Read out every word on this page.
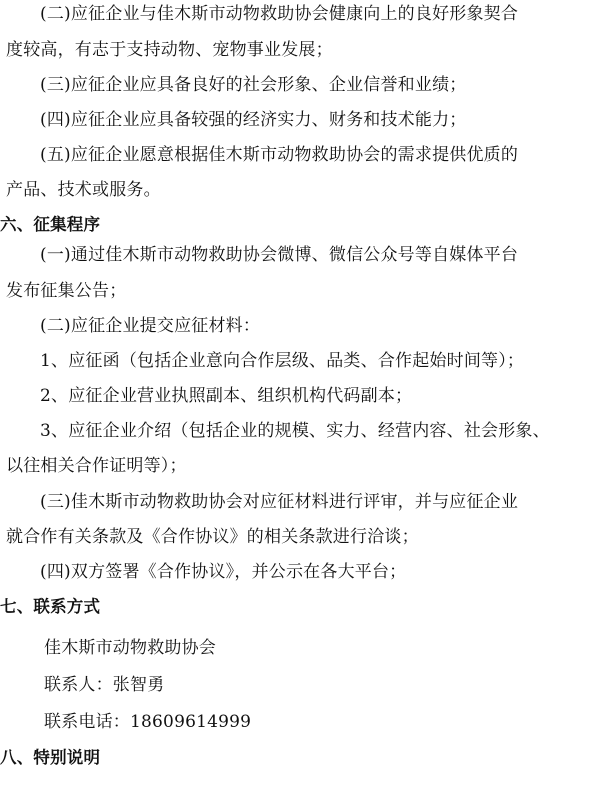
(二)应征企业与佳木斯市动物救助协会健康向上的良好形象契合
度较高，有志于支持动物、宠物事业发展；
(三)应征企业应具备良好的社会形象、企业信誉和业绩；
(四)应征企业应具备较强的经济实力、财务和技术能力；
(五)应征企业愿意根据佳木斯市动物救助协会的需求提供优质的
产品、技术或服务。
六、征集程序
(一)通过佳木斯市动物救助协会微博、微信公众号等自媒体平台
发布征集公告；
(二)应征企业提交应征材料：
1、应征函（包括企业意向合作层级、品类、合作起始时间等）；
2、应征企业营业执照副本、组织机构代码副本；
3、应征企业介绍（包括企业的规模、实力、经营内容、社会形象、
以往相关合作证明等）；
(三)佳木斯市动物救助协会对应征材料进行评审，并与应征企业
就合作有关条款及《合作协议》的相关条款进行洽谈；
(四)双方签署《合作协议》，并公示在各大平台；
七、联系方式
佳木斯市动物救助协会
联系人：张智勇
联系电话：18609614999
八、特别说明
